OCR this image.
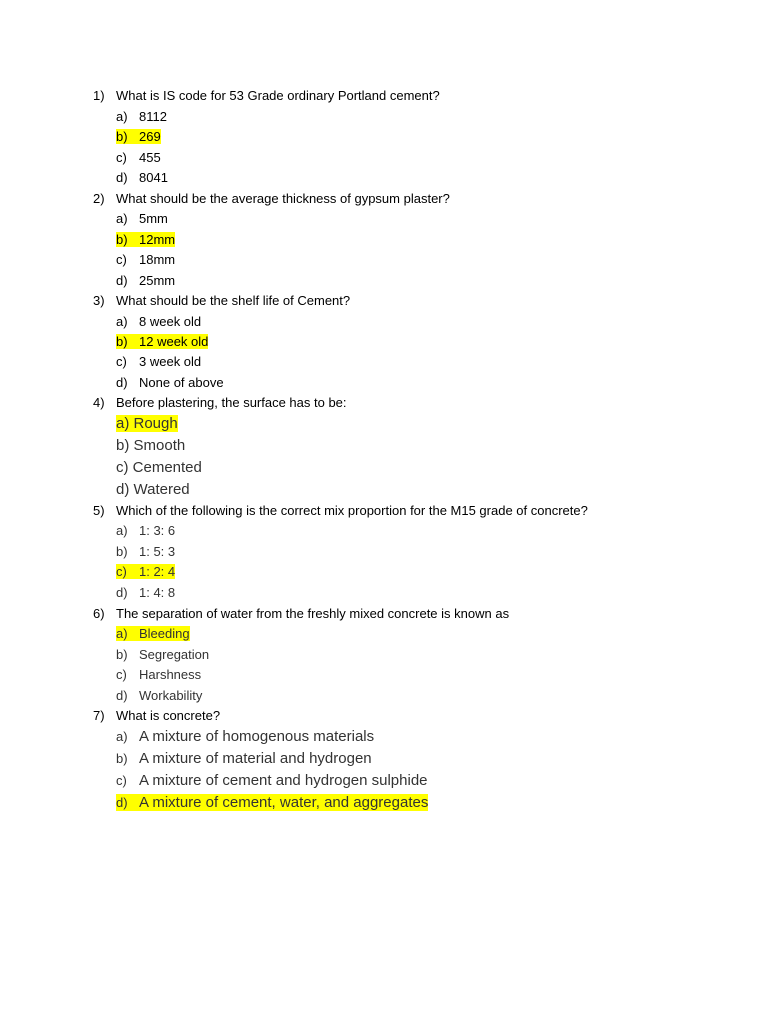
1) What is IS code for 53 Grade ordinary Portland cement?
a) 8112
b) 269
c) 455
d) 8041
2) What should be the average thickness of gypsum plaster?
a) 5mm
b) 12mm
c) 18mm
d) 25mm
3) What should be the shelf life of Cement?
a) 8 week old
b) 12 week old
c) 3 week old
d) None of above
4) Before plastering, the surface has to be:
a) Rough
b) Smooth
c) Cemented
d) Watered
5) Which of the following is the correct mix proportion for the M15 grade of concrete?
a) 1: 3: 6
b) 1: 5: 3
c) 1: 2: 4
d) 1: 4: 8
6) The separation of water from the freshly mixed concrete is known as
a) Bleeding
b) Segregation
c) Harshness
d) Workability
7) What is concrete?
a) A mixture of homogenous materials
b) A mixture of material and hydrogen
c) A mixture of cement and hydrogen sulphide
d) A mixture of cement, water, and aggregates
